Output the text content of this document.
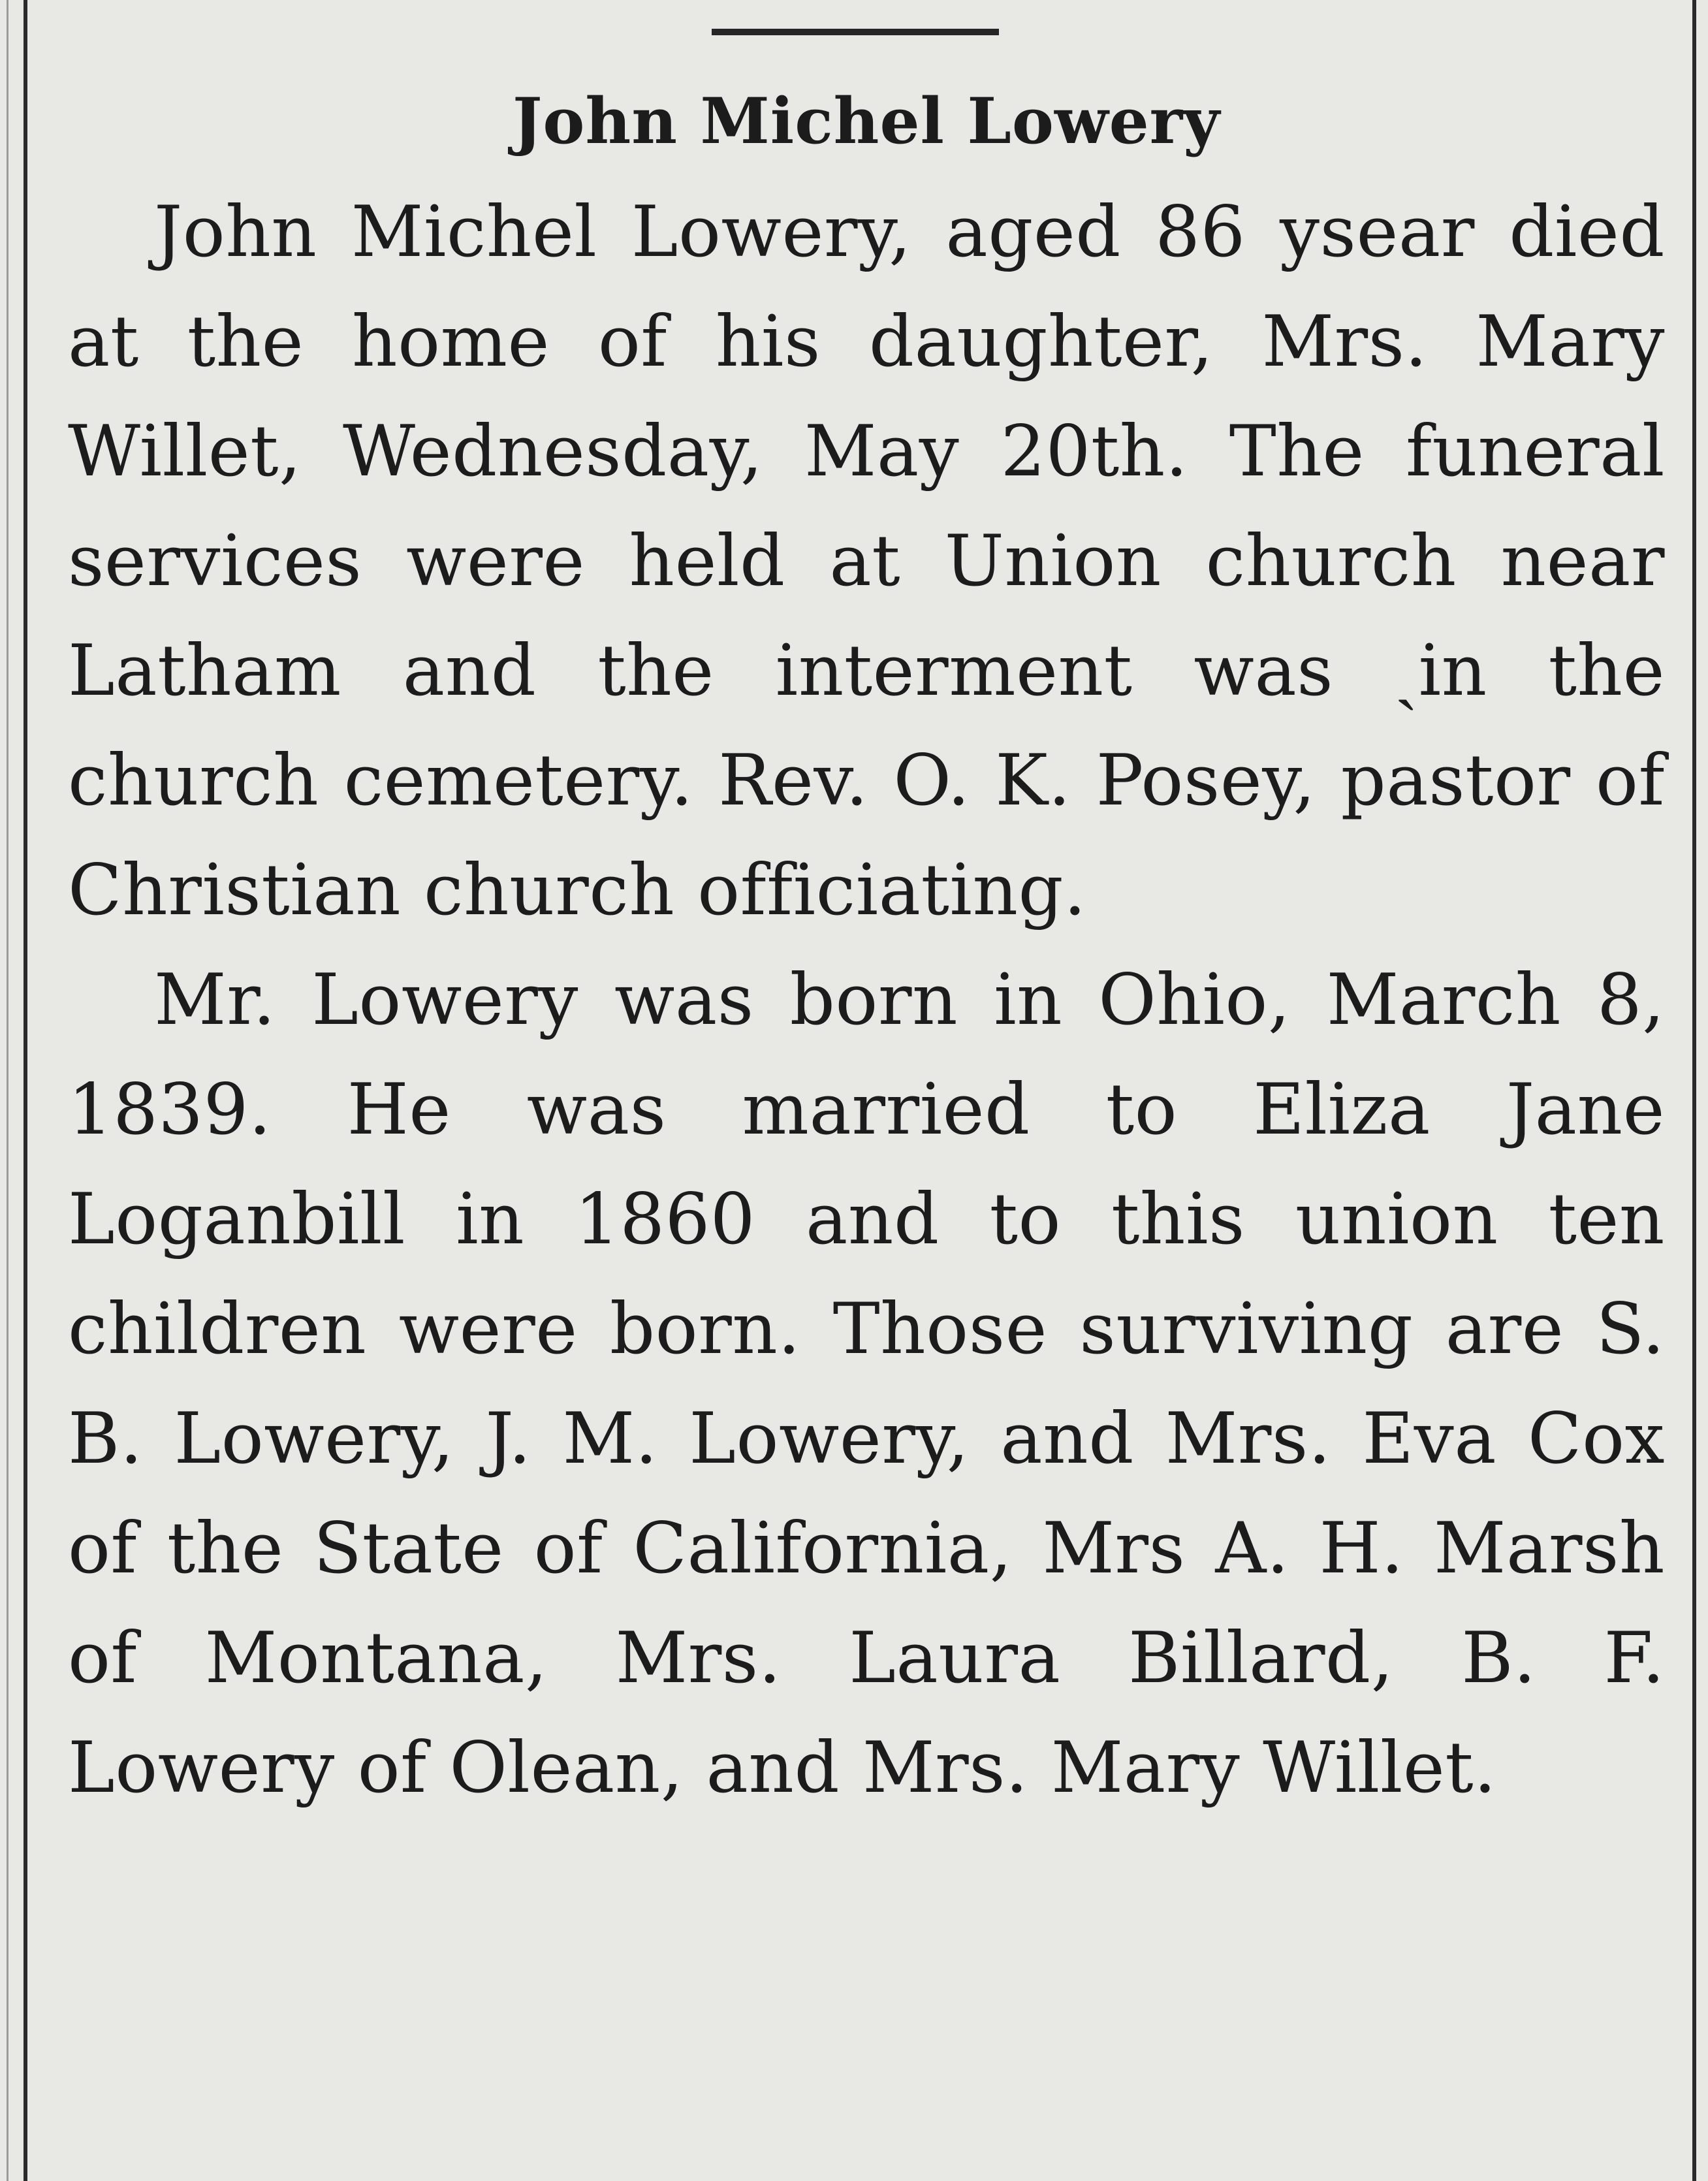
John Michel Lowery

John Michel Lowery, aged 86 ysear died at the home of his daughter, Mrs. Mary Willet, Wednesday, May 20th. The funeral services were held at Union church near Latham and the interment was ˎin the church cemetery. Rev. O. K. Posey, pastor of Christian church officiating.

Mr. Lowery was born in Ohio, March 8, 1839. He was married to Eliza Jane Loganbill in 1860 and to this union ten children were born. Those surviving are S. B. Lowery, J. M. Lowery, and Mrs. Eva Cox of the State of California, Mrs A. H. Marsh of Montana, Mrs. Laura Billard, B. F. Lowery of Olean, and Mrs. Mary Willet.
